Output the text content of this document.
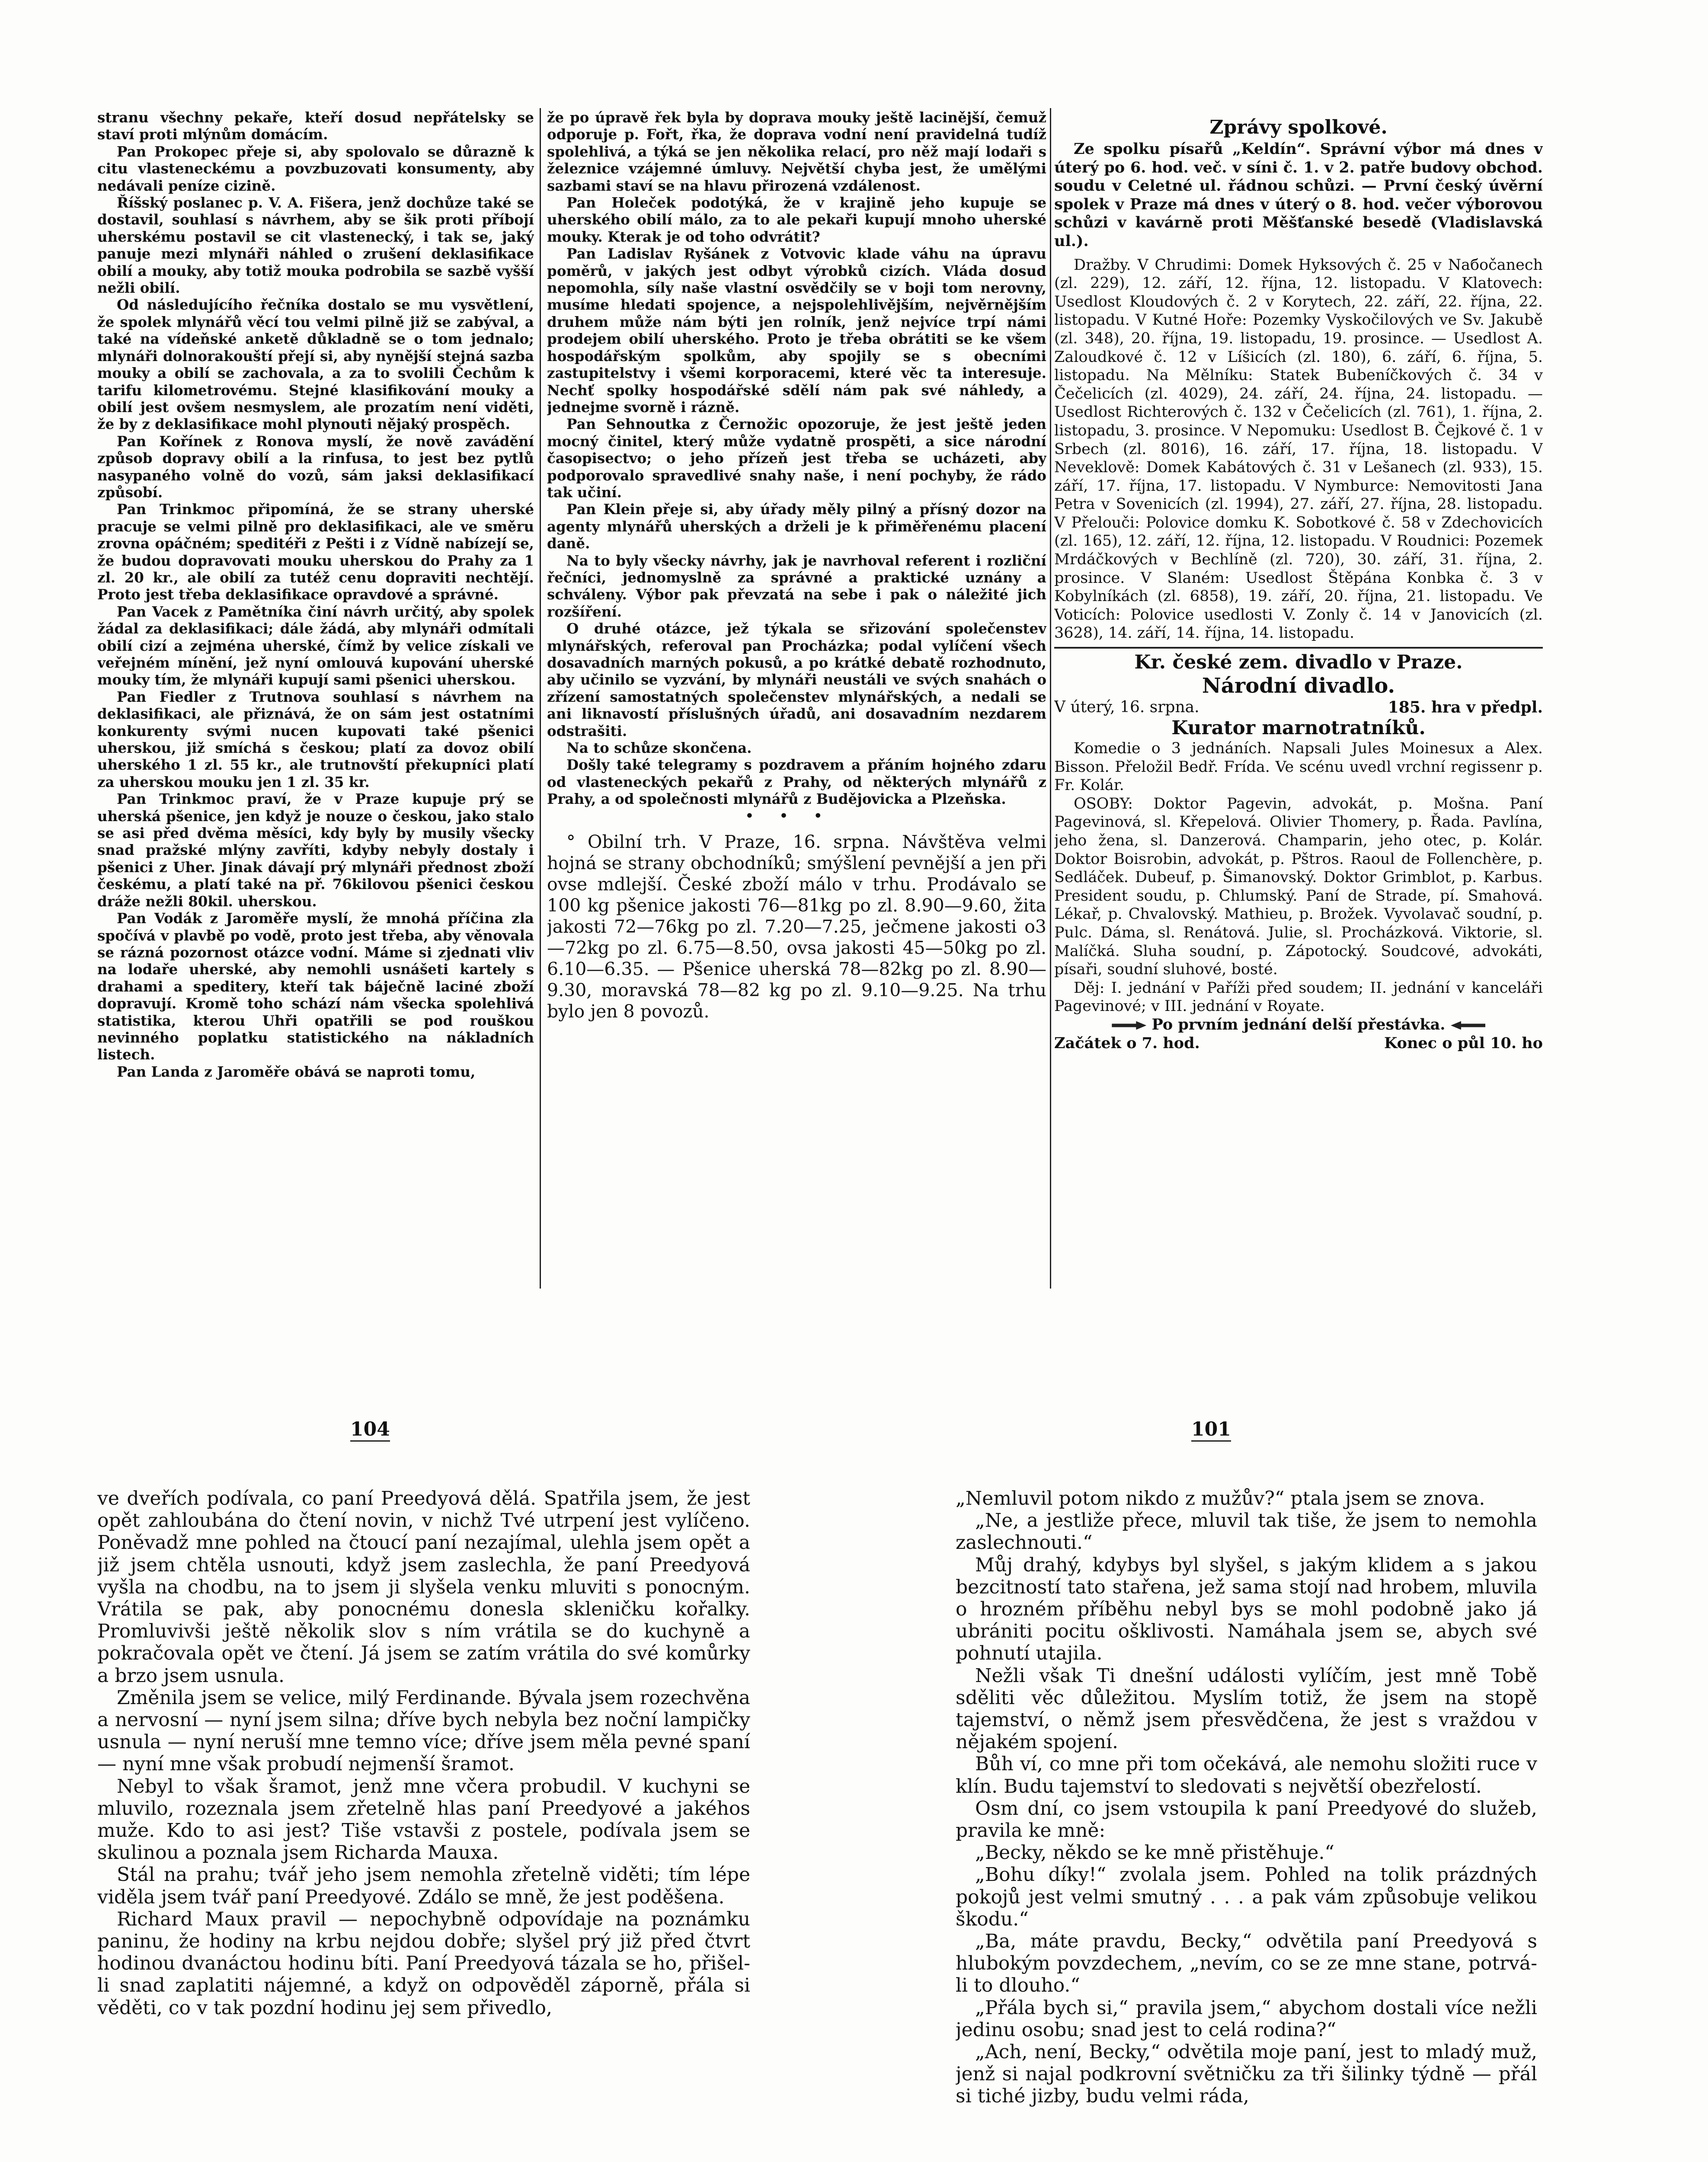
stranu všechny pekaře, kteří dosud nepřátelsky se staví proti mlýnům domácím.

Pan Prokopec přeje si, aby spolovalo se důrazně k citu vlasteneckému a povzbuzovati konsumenty, aby nedávali peníze cizině.

Říšský poslanec p. V. A. Fišera, jenž dochůze také se dostavil, souhlasí s návrhem, aby se šik proti příbojí uherskému postavil se cit vlastenecký, i tak se, jaký panuje mezi mlynáři náhled o zrušení deklasifikace obilí a mouky, aby totiž mouka podrobila se sazbě vyšší nežli obilí.

Od následujícího řečníka dostalo se mu vysvětlení, že spolek mlynářů věcí tou velmi pilně již se zabýval, a také na vídeňské anketě důkladně se o tom jednalo; mlynáři dolnorakouští přejí si, aby nynější stejná sazba mouky a obilí se zachovala, a za to svolili Čechům k tarifu kilometrovému. Stejné klasifikování mouky a obilí jest ovšem nesmyslem, ale prozatím není viděti, že by z deklasifikace mohl plynouti nějaký prospěch.

Pan Kořínek z Ronova myslí, že nově zavádění způsob dopravy obilí a la rinfusa, to jest bez pytlů nasypaného volně do vozů, sám jaksi deklasifikací způsobí.

Pan Trinkmoc připomíná, že se strany uherské pracuje se velmi pilně pro deklasifikaci, ale ve směru zrovna opáčném; speditéři z Pešti i z Vídně nabízejí se, že budou dopravovati mouku uherskou do Prahy za 1 zl. 20 kr., ale obilí za tutéž cenu dopraviti nechtějí. Proto jest třeba deklasifikace opravdové a správné.

Pan Vacek z Pamětníka činí návrh určitý, aby spolek žádal za deklasifikaci; dále žádá, aby mlynáři odmítali obilí cizí a zejména uherské, čímž by velice získali ve veřejném mínění, jež nyní omlouvá kupování uherské mouky tím, že mlynáři kupují sami pšenici uherskou.

Pan Fiedler z Trutnova souhlasí s návrhem na deklasifikaci, ale přiznává, že on sám jest ostatními konkurenty svými nucen kupovati také pšenici uherskou, již smíchá s českou; platí za dovoz obilí uherského 1 zl. 55 kr., ale trutnovští překupníci platí za uherskou mouku jen 1 zl. 35 kr.

Pan Trinkmoc praví, že v Praze kupuje prý se uherská pšenice, jen když je nouze o českou, jako stalo se asi před dvěma měsíci, kdy byly by musily všecky snad pražské mlýny zavříti, kdyby nebyly dostaly i pšenici z Uher. Jinak dávají prý mlynáři přednost zboží českému, a platí také na př. 76kilovou pšenici českou dráže nežli 80kil. uherskou.

Pan Vodák z Jaroměře myslí, že mnohá příčina zla spočívá v plavbě po vodě, proto jest třeba, aby věnovala se rázná pozornost otázce vodní. Máme si zjednati vliv na lodaře uherské, aby nemohli usnášeti kartely s drahami a speditery, kteří tak báječně laciné zboží dopravují. Kromě toho schází nám všecka spolehlivá statistika, kterou Uhři opatřili se pod rouškou nevinného poplatku statistického na nákladních listech.

Pan Landa z Jaroměře obává se naproti tomu,

že po úpravě řek byla by doprava mouky ještě lacinější, čemuž odporuje p. Fořt, řka, že doprava vodní není pravidelná tudíž spolehlivá, a týká se jen několika relací, pro něž mají lodaři s železnice vzájemné úmluvy. Největší chyba jest, že umělými sazbami staví se na hlavu přirozená vzdálenost.

Pan Holeček podotýká, že v krajině jeho kupuje se uherského obilí málo, za to ale pekaři kupují mnoho uherské mouky. Kterak je od toho odvrátit?

Pan Ladislav Ryšánek z Votvovic klade váhu na úpravu poměrů, v jakých jest odbyt výrobků cizích. Vláda dosud nepomohla, síly naše vlastní osvědčily se v boji tom nerovny, musíme hledati spojence, a nejspolehlivějším, nejvěrnějším druhem může nám býti jen rolník, jenž nejvíce trpí námi prodejem obilí uherského. Proto je třeba obrátiti se ke všem hospodářským spolkům, aby spojily se s obecními zastupitelstvy i všemi korporacemi, které věc ta interesuje. Nechť spolky hospodářské sdělí nám pak své náhledy, a jednejme svorně i rázně.

Pan Sehnoutka z Černožic opozoruje, že jest ještě jeden mocný činitel, který může vydatně prospěti, a sice národní časopisectvo; o jeho přízeň jest třeba se ucházeti, aby podporovalo spravedlivé snahy naše, i není pochyby, že rádo tak učiní.

Pan Klein přeje si, aby úřady měly pilný a přísný dozor na agenty mlynářů uherských a drželi je k přiměřenému placení daně.

Na to byly všecky návrhy, jak je navrhoval referent i rozliční řečníci, jednomyslně za správné a praktické uznány a schváleny. Výbor pak převzatá na sebe i pak o náležité jich rozšíření.

O druhé otázce, jež týkala se sřizování společenstev mlynářských, referoval pan Procházka; podal vylíčení všech dosavadních marných pokusů, a po krátké debatě rozhodnuto, aby učinilo se vyzvání, by mlynáři neustáli ve svých snahách o zřízení samostatných společenstev mlynářských, a nedali se ani liknavostí příslušných úřadů, ani dosavadním nezdarem odstrašiti.

Na to schůze skončena.

Došly také telegramy s pozdravem a přáním hojného zdaru od vlasteneckých pekařů z Prahy, od některých mlynářů z Prahy, a od společnosti mlynářů z Budějovicka a Plzeňska.

•••

° Obilní trh. V Praze, 16. srpna. Návštěva velmi hojná se strany obchodníků; smýšlení pevnější a jen při ovse mdlejší. České zboží málo v trhu. Prodávalo se 100 kg pšenice jakosti 76—81kg po zl. 8.90—9.60, žita jakosti 72—76kg po zl. 7.20—7.25, ječmene jakosti o3—72kg po zl. 6.75—8.50, ovsa jakosti 45—50kg po zl. 6.10—6.35. — Pšenice uherská 78—82kg po zl. 8.90—9.30, moravská 78—82 kg po zl. 9.10—9.25. Na trhu bylo jen 8 povozů.

Zprávy spolkové.

Ze spolku písařů „Keldín“. Správní výbor má dnes v úterý po 6. hod. več. v síni č. 1. v 2. patře budovy obchod. soudu v Celetné ul. řádnou schůzi. — První český úvěrní spolek v Praze má dnes v úterý o 8. hod. večer výborovou schůzi v kavárně proti Měšťanské besedě (Vladislavská ul.).

Dražby. V Chrudimi: Domek Hyksových č. 25 v Naбočanech (zl. 229), 12. září, 12. října, 12. listopadu. V Klatovech: Usedlost Kloudových č. 2 v Korytech, 22. září, 22. října, 22. listopadu. V Kutné Hoře: Pozemky Vyskočilových ve Sv. Jakubě (zl. 348), 20. října, 19. listopadu, 19. prosince. — Usedlost A. Zaloudkové č. 12 v Líšicích (zl. 180), 6. září, 6. října, 5. listopadu. Na Mělníku: Statek Bubeníčkových č. 34 v Čečelicích (zl. 4029), 24. září, 24. října, 24. listopadu. — Usedlost Richterových č. 132 v Čečelicích (zl. 761), 1. října, 2. listopadu, 3. prosince. V Nepomuku: Usedlost B. Čejkové č. 1 v Srbech (zl. 8016), 16. září, 17. října, 18. listopadu. V Neveklově: Domek Kabátových č. 31 v Lešanech (zl. 933), 15. září, 17. října, 17. listopadu. V Nymburce: Nemovitosti Jana Petra v Sovenicích (zl. 1994), 27. září, 27. října, 28. listopadu. V Přelouči: Polovice domku K. Sobotkové č. 58 v Zdechovicích (zl. 165), 12. září, 12. října, 12. listopadu. V Roudnici: Pozemek Mrdáčkových v Bechlíně (zl. 720), 30. září, 31. října, 2. prosince. V Slaném: Usedlost Štěpána Konbka č. 3 v Kobylníkách (zl. 6858), 19. září, 20. října, 21. listopadu. Ve Voticích: Polovice usedlosti V. Zonly č. 14 v Janovicích (zl. 3628), 14. září, 14. října, 14. listopadu.

Kr. české zem. divadlo v Praze.
Národní divadlo.
V úterý, 16. srpna.	185. hra v předpl.
Kurator marnotratníků.

Komedie o 3 jednáních. Napsali Jules Moinesux a Alex. Bisson. Přeložil Bedř. Frída. Ve scénu uvedl vrchní regissenr p. Fr. Kolár.

OSOBY: Doktor Pagevin, advokát, p. Mošna. Paní Pagevinová, sl. Křepelová. Olivier Thomery, p. Řada. Pavlína, jeho žena, sl. Danzerová. Champarin, jeho otec, p. Kolár. Doktor Boisrobin, advokát, p. Pštros. Raoul de Follenchère, p. Sedláček. Dubeuf, p. Šimanovský. Doktor Grimblot, p. Karbus. President soudu, p. Chlumský. Paní de Strade, pí. Smahová. Lékař, p. Chvalovský. Mathieu, p. Brožek. Vyvolavač soudní, p. Pulc. Dáma, sl. Renátová. Julie, sl. Procházková. Viktorie, sl. Malíčká. Sluha soudní, p. Zápotocký. Soudcové, advokáti, písaři, soudní sluhové, bosté.

Děj: I. jednání v Paříži před soudem; II. jednání v kanceláři Pagevinové; v III. jednání v Royate.

Po prvním jednání delší přestávka.
Začátek o 7. hod.	Konec o půl 10. ho
104	101

ve dveřích podívala, co paní Preedyová dělá. Spatřila jsem, že jest opět zahloubána do čtení novin, v nichž Tvé utrpení jest vylíčeno. Poněvadž mne pohled na čtoucí paní nezajímal, ulehla jsem opět a již jsem chtěla usnouti, když jsem zaslechla, že paní Preedyová vyšla na chodbu, na to jsem ji slyšela venku mluviti s ponocným. Vrátila se pak, aby ponocnému donesla skleničku kořalky. Promluvivši ještě několik slov s ním vrátila se do kuchyně a pokračovala opět ve čtení. Já jsem se zatím vrátila do své komůrky a brzo jsem usnula.

Změnila jsem se velice, milý Ferdinande. Bývala jsem rozechvěna a nervosní — nyní jsem silna; dříve bych nebyla bez noční lampičky usnula — nyní neruší mne temno více; dříve jsem měla pevné spaní — nyní mne však probudí nejmenší šramot.

Nebyl to však šramot, jenž mne včera probudil. V kuchyni se mluvilo, rozeznala jsem zřetelně hlas paní Preedyové a jakéhos muže. Kdo to asi jest? Tiše vstavši z postele, podívala jsem se skulinou a poznala jsem Richarda Mauxa.

Stál na prahu; tvář jeho jsem nemohla zřetelně viděti; tím lépe viděla jsem tvář paní Preedyové. Zdálo se mně, že jest poděšena.

Richard Maux pravil — nepochybně odpovídaje na poznámku paninu, že hodiny na krbu nejdou dobře; slyšel prý již před čtvrt hodinou dvanáctou hodinu bíti. Paní Preedyová tázala se ho, přišel-li snad zaplatiti nájemné, a když on odpověděl záporně, přála si věděti, co v tak pozdní hodinu jej sem přivedlo,

„Nemluvil potom nikdo z mužův?“ ptala jsem se znova.

„Ne, a jestliže přece, mluvil tak tiše, že jsem to nemohla zaslechnouti.“

Můj drahý, kdybys byl slyšel, s jakým klidem a s jakou bezcitností tato stařena, jež sama stojí nad hrobem, mluvila o hrozném příběhu nebyl bys se mohl podobně jako já ubrániti pocitu ošklivosti. Namáhala jsem se, abych své pohnutí utajila.

Nežli však Ti dnešní události vylíčím, jest mně Tobě sděliti věc důležitou. Myslím totiž, že jsem na stopě tajemství, o němž jsem přesvědčena, že jest s vraždou v nějakém spojení.

Bůh ví, co mne při tom očekává, ale nemohu složiti ruce v klín. Budu tajemství to sledovati s největší obezřelostí.

Osm dní, co jsem vstoupila k paní Preedyové do služeb, pravila ke mně:

„Becky, někdo se ke mně přistěhuje.“

„Bohu díky!“ zvolala jsem. Pohled na tolik prázdných pokojů jest velmi smutný . . . a pak vám způsobuje velikou škodu.“

„Ba, máte pravdu, Becky,“ odvětila paní Preedyová s hlubokým povzdechem, „nevím, co se ze mne stane, potrvá-li to dlouho.“

„Přála bych si,“ pravila jsem,“ abychom dostali více nežli jedinu osobu; snad jest to celá rodina?“

„Ach, není, Becky,“ odvětila moje paní, jest to mladý muž, jenž si najal podkrovní světničku za tři šilinky týdně — přál si tiché jizby, budu velmi ráda,
